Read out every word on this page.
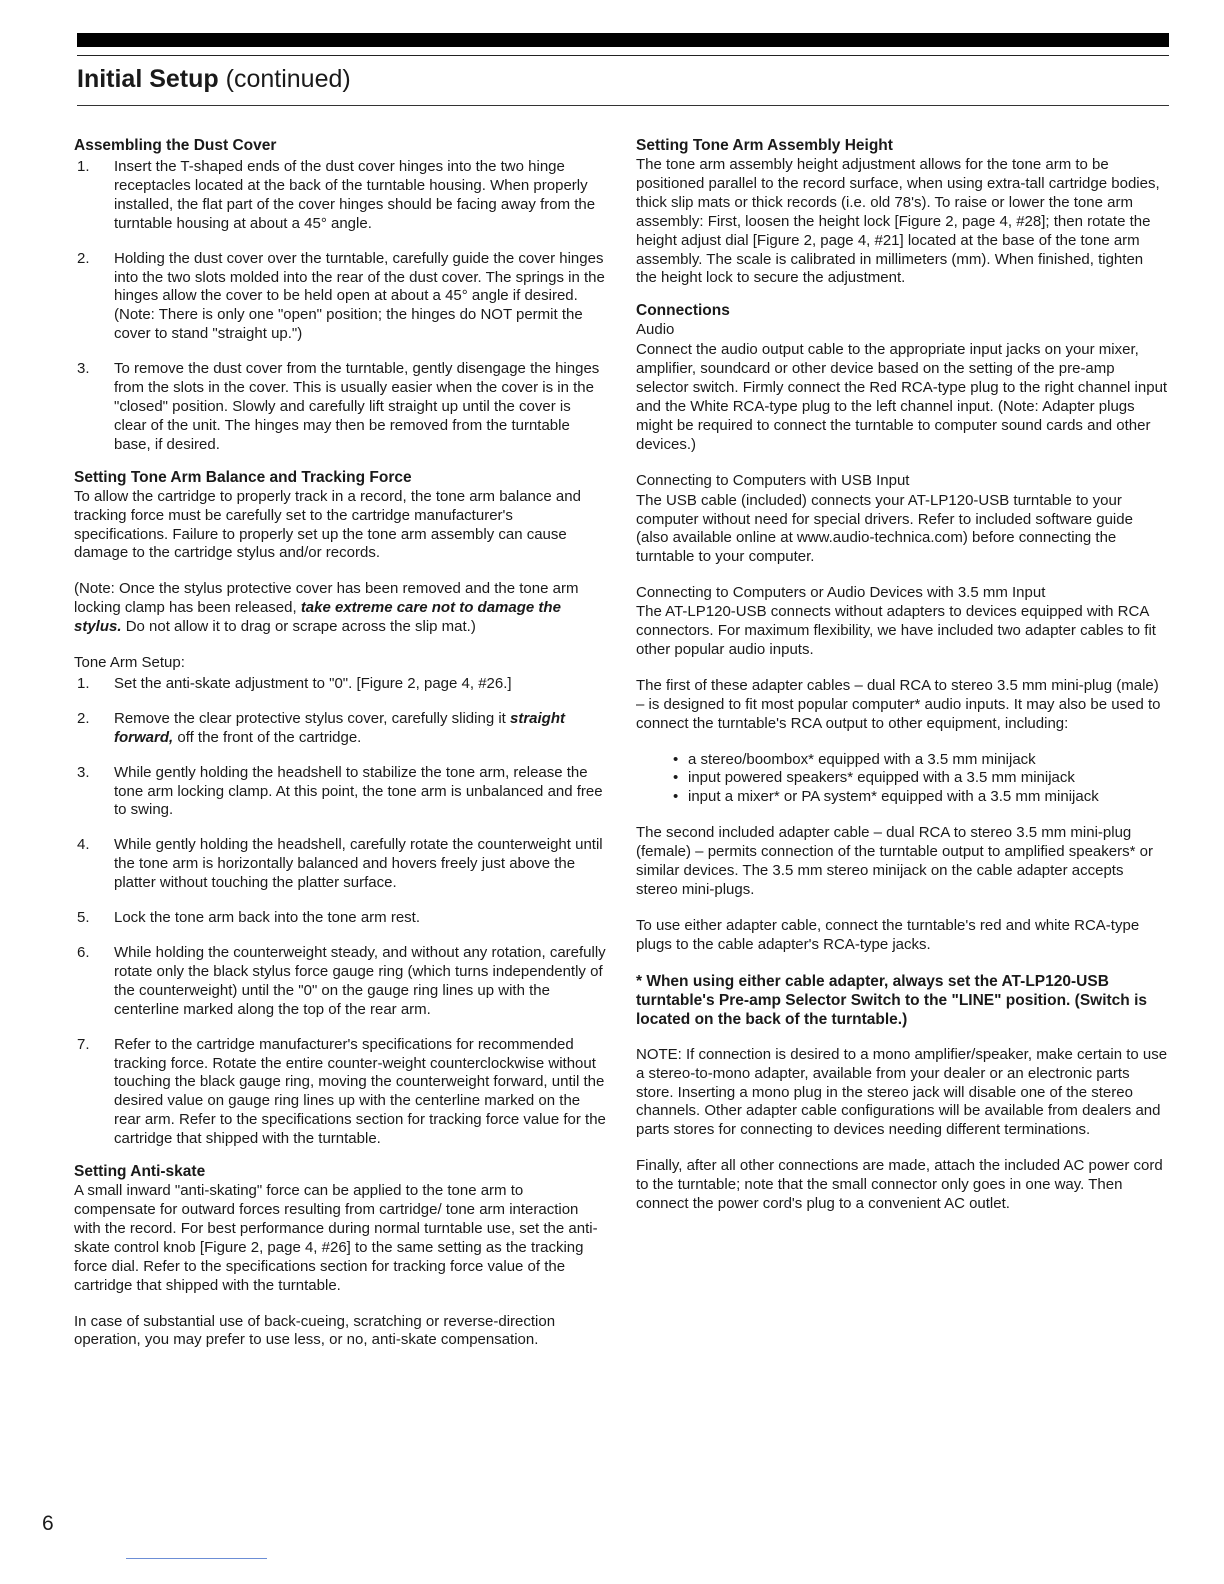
Initial Setup (continued)
Assembling the Dust Cover
1.	Insert the T-shaped ends of the dust cover hinges into the two hinge receptacles located at the back of the turntable housing. When properly installed, the flat part of the cover hinges should be facing away from the turntable housing at about a 45° angle.
2.	Holding the dust cover over the turntable, carefully guide the cover hinges into the two slots molded into the rear of the dust cover. The springs in the hinges allow the cover to be held open at about a 45° angle if desired. (Note: There is only one "open" position; the hinges do NOT permit the cover to stand "straight up.")
3.	To remove the dust cover from the turntable, gently disengage the hinges from the slots in the cover. This is usually easier when the cover is in the "closed" position. Slowly and carefully lift straight up until the cover is clear of the unit. The hinges may then be removed from the turntable base, if desired.
Setting Tone Arm Balance and Tracking Force

To allow the cartridge to properly track in a record, the tone arm balance and tracking force must be carefully set to the cartridge manufacturer's specifications. Failure to properly set up the tone arm assembly can cause damage to the cartridge stylus and/or records.

(Note: Once the stylus protective cover has been removed and the tone arm locking clamp has been released, take extreme care not to damage the stylus. Do not allow it to drag or scrape across the slip mat.)

Tone Arm Setup:

1.	Set the anti-skate adjustment to "0". [Figure 2, page 4, #26.]
2.	Remove the clear protective stylus cover, carefully sliding it straight forward, off the front of the cartridge.
3.	While gently holding the headshell to stabilize the tone arm, release the tone arm locking clamp. At this point, the tone arm is unbalanced and free to swing.
4.	While gently holding the headshell, carefully rotate the counterweight until the tone arm is horizontally balanced and hovers freely just above the platter without touching the platter surface.
5.	Lock the tone arm back into the tone arm rest.
6.	While holding the counterweight steady, and without any rotation, carefully rotate only the black stylus force gauge ring (which turns independently of the counterweight) until the "0" on the gauge ring lines up with the centerline marked along the top of the rear arm.
7.	Refer to the cartridge manufacturer's specifications for recommended tracking force. Rotate the entire counter-weight counterclockwise without touching the black gauge ring, moving the counterweight forward, until the desired value on gauge ring lines up with the centerline marked on the rear arm. Refer to the specifications section for tracking force value for the cartridge that shipped with the turntable.
Setting Anti-skate

A small inward "anti-skating" force can be applied to the tone arm to compensate for outward forces resulting from cartridge/ tone arm interaction with the record. For best performance during normal turntable use, set the anti-skate control knob [Figure 2, page 4, #26] to the same setting as the tracking force dial. Refer to the specifications section for tracking force value of the cartridge that shipped with the turntable.

In case of substantial use of back-cueing, scratching or reverse-direction operation, you may prefer to use less, or no, anti-skate compensation.

Setting Tone Arm Assembly Height

The tone arm assembly height adjustment allows for the tone arm to be positioned parallel to the record surface, when using extra-tall cartridge bodies, thick slip mats or thick records (i.e. old 78's). To raise or lower the tone arm assembly: First, loosen the height lock [Figure 2, page 4, #28]; then rotate the height adjust dial [Figure 2, page 4, #21] located at the base of the tone arm assembly. The scale is calibrated in millimeters (mm). When finished, tighten the height lock to secure the adjustment.

Connections

Audio

Connect the audio output cable to the appropriate input jacks on your mixer, amplifier, soundcard or other device based on the setting of the pre-amp selector switch. Firmly connect the Red RCA-type plug to the right channel input and the White RCA-type plug to the left channel input. (Note: Adapter plugs might be required to connect the turntable to computer sound cards and other devices.)

Connecting to Computers with USB Input

The USB cable (included) connects your AT-LP120-USB turntable to your computer without need for special drivers. Refer to included software guide (also available online at www.audio-technica.com) before connecting the turntable to your computer.

Connecting to Computers or Audio Devices with 3.5 mm Input

The AT-LP120-USB connects without adapters to devices equipped with RCA connectors. For maximum flexibility, we have included two adapter cables to fit other popular audio inputs.

The first of these adapter cables – dual RCA to stereo 3.5 mm mini-plug (male) – is designed to fit most popular computer* audio inputs. It may also be used to connect the turntable's RCA output to other equipment, including:

• a stereo/boombox* equipped with a 3.5 mm minijack
• input powered speakers* equipped with a 3.5 mm minijack
• input a mixer* or PA system* equipped with a 3.5 mm minijack

The second included adapter cable – dual RCA to stereo 3.5 mm mini-plug (female) – permits connection of the turntable output to amplified speakers* or similar devices. The 3.5 mm stereo minijack on the cable adapter accepts stereo mini-plugs.

To use either adapter cable, connect the turntable's red and white RCA-type plugs to the cable adapter's RCA-type jacks.

* When using either cable adapter, always set the AT-LP120-USB turntable's Pre-amp Selector Switch to the "LINE" position. (Switch is located on the back of the turntable.)

NOTE: If connection is desired to a mono amplifier/speaker, make certain to use a stereo-to-mono adapter, available from your dealer or an electronic parts store. Inserting a mono plug in the stereo jack will disable one of the stereo channels. Other adapter cable configurations will be available from dealers and parts stores for connecting to devices needing different terminations.

Finally, after all other connections are made, attach the included AC power cord to the turntable; note that the small connector only goes in one way. Then connect the power cord's plug to a convenient AC outlet.

6
